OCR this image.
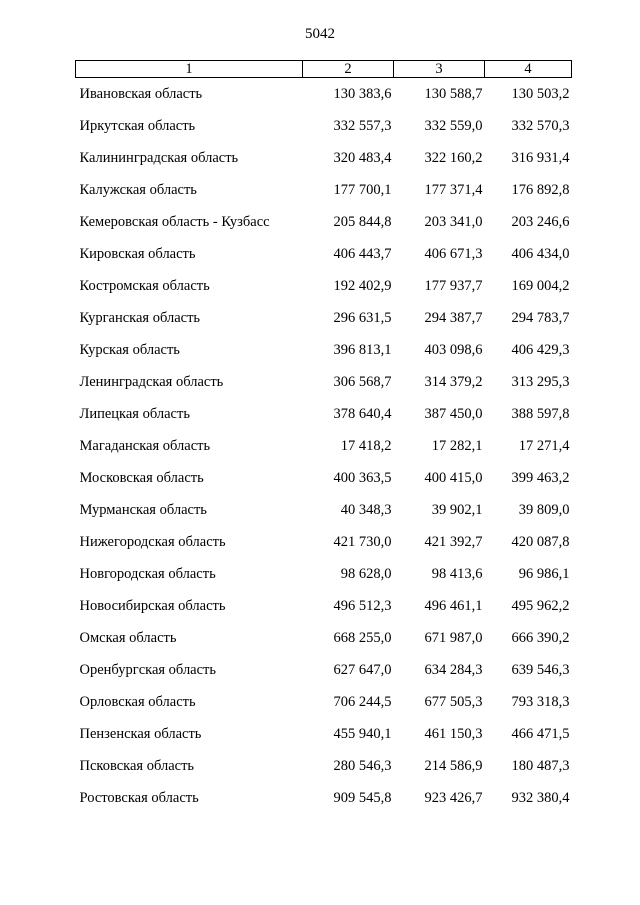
5042
1	2	3	4
Ивановская область	130 383,6	130 588,7	130 503,2
Иркутская область	332 557,3	332 559,0	332 570,3
Калининградская область	320 483,4	322 160,2	316 931,4
Калужская область	177 700,1	177 371,4	176 892,8
Кемеровская область - Кузбасс	205 844,8	203 341,0	203 246,6
Кировская область	406 443,7	406 671,3	406 434,0
Костромская область	192 402,9	177 937,7	169 004,2
Курганская область	296 631,5	294 387,7	294 783,7
Курская область	396 813,1	403 098,6	406 429,3
Ленинградская область	306 568,7	314 379,2	313 295,3
Липецкая область	378 640,4	387 450,0	388 597,8
Магаданская область	17 418,2	17 282,1	17 271,4
Московская область	400 363,5	400 415,0	399 463,2
Мурманская область	40 348,3	39 902,1	39 809,0
Нижегородская область	421 730,0	421 392,7	420 087,8
Новгородская область	98 628,0	98 413,6	96 986,1
Новосибирская область	496 512,3	496 461,1	495 962,2
Омская область	668 255,0	671 987,0	666 390,2
Оренбургская область	627 647,0	634 284,3	639 546,3
Орловская область	706 244,5	677 505,3	793 318,3
Пензенская область	455 940,1	461 150,3	466 471,5
Псковская область	280 546,3	214 586,9	180 487,3
Ростовская область	909 545,8	923 426,7	932 380,4
